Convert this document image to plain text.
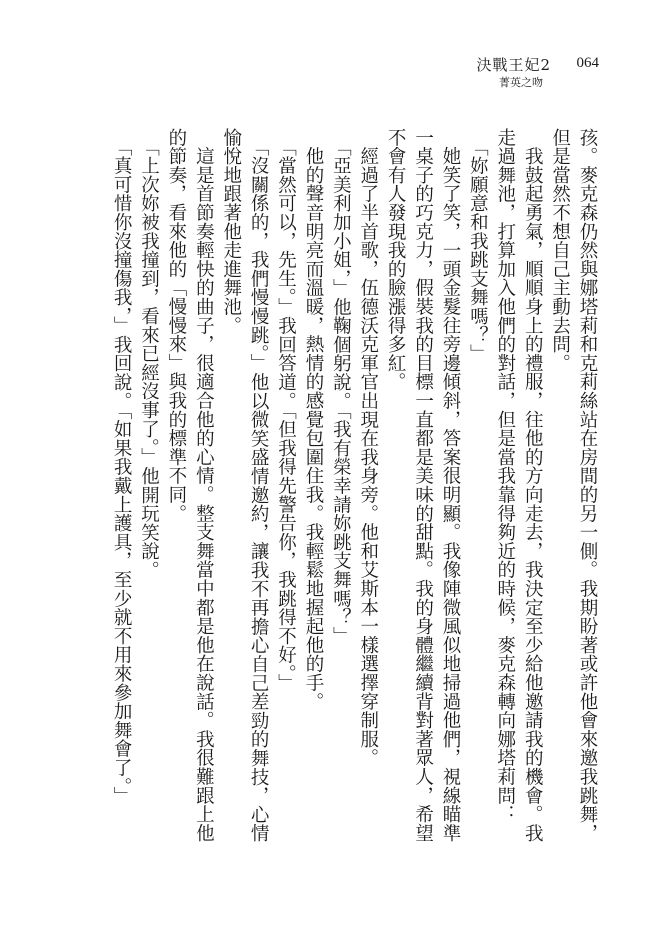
決戰王妃2
菁英之吻
064

孩。麥克森仍然與娜塔莉和克莉絲站在房間的另一側。我期盼著或許他會來邀我跳舞，但是當然不想自己主動去問。

　我鼓起勇氣，順順身上的禮服，往他的方向走去，我決定至少給他邀請我的機會。我走過舞池，打算加入他們的對話，但是當我靠得夠近的時候，麥克森轉向娜塔莉問：

　「妳願意和我跳支舞嗎？」

　她笑了笑，一頭金髮往旁邊傾斜，答案很明顯。我像陣微風似地掃過他們，視線瞄準一桌子的巧克力，假裝我的目標一直都是美味的甜點。我的身體繼續背對著眾人，希望不會有人發現我的臉漲得多紅。

　經過了半首歌，伍德沃克軍官出現在我身旁。他和艾斯本一樣選擇穿制服。

　「亞美利加小姐，」他鞠個躬說。「我有榮幸請妳跳支舞嗎？」

　他的聲音明亮而溫暖，熱情的感覺包圍住我。我輕鬆地握起他的手。

　「當然可以，先生。」我回答道。「但我得先警告你，我跳得不好。」

　「沒關係的，我們慢慢跳。」他以微笑盛情邀約，讓我不再擔心自己差勁的舞技，心情愉悅地跟著他走進舞池。

　這是首節奏輕快的曲子，很適合他的心情。整支舞當中都是他在說話。我很難跟上他的節奏，看來他的「慢慢來」與我的標準不同。

　「上次妳被我撞到，看來已經沒事了。」他開玩笑說。

　「真可惜你沒撞傷我，」我回說。「如果我戴上護具，至少就不用來參加舞會了。」
